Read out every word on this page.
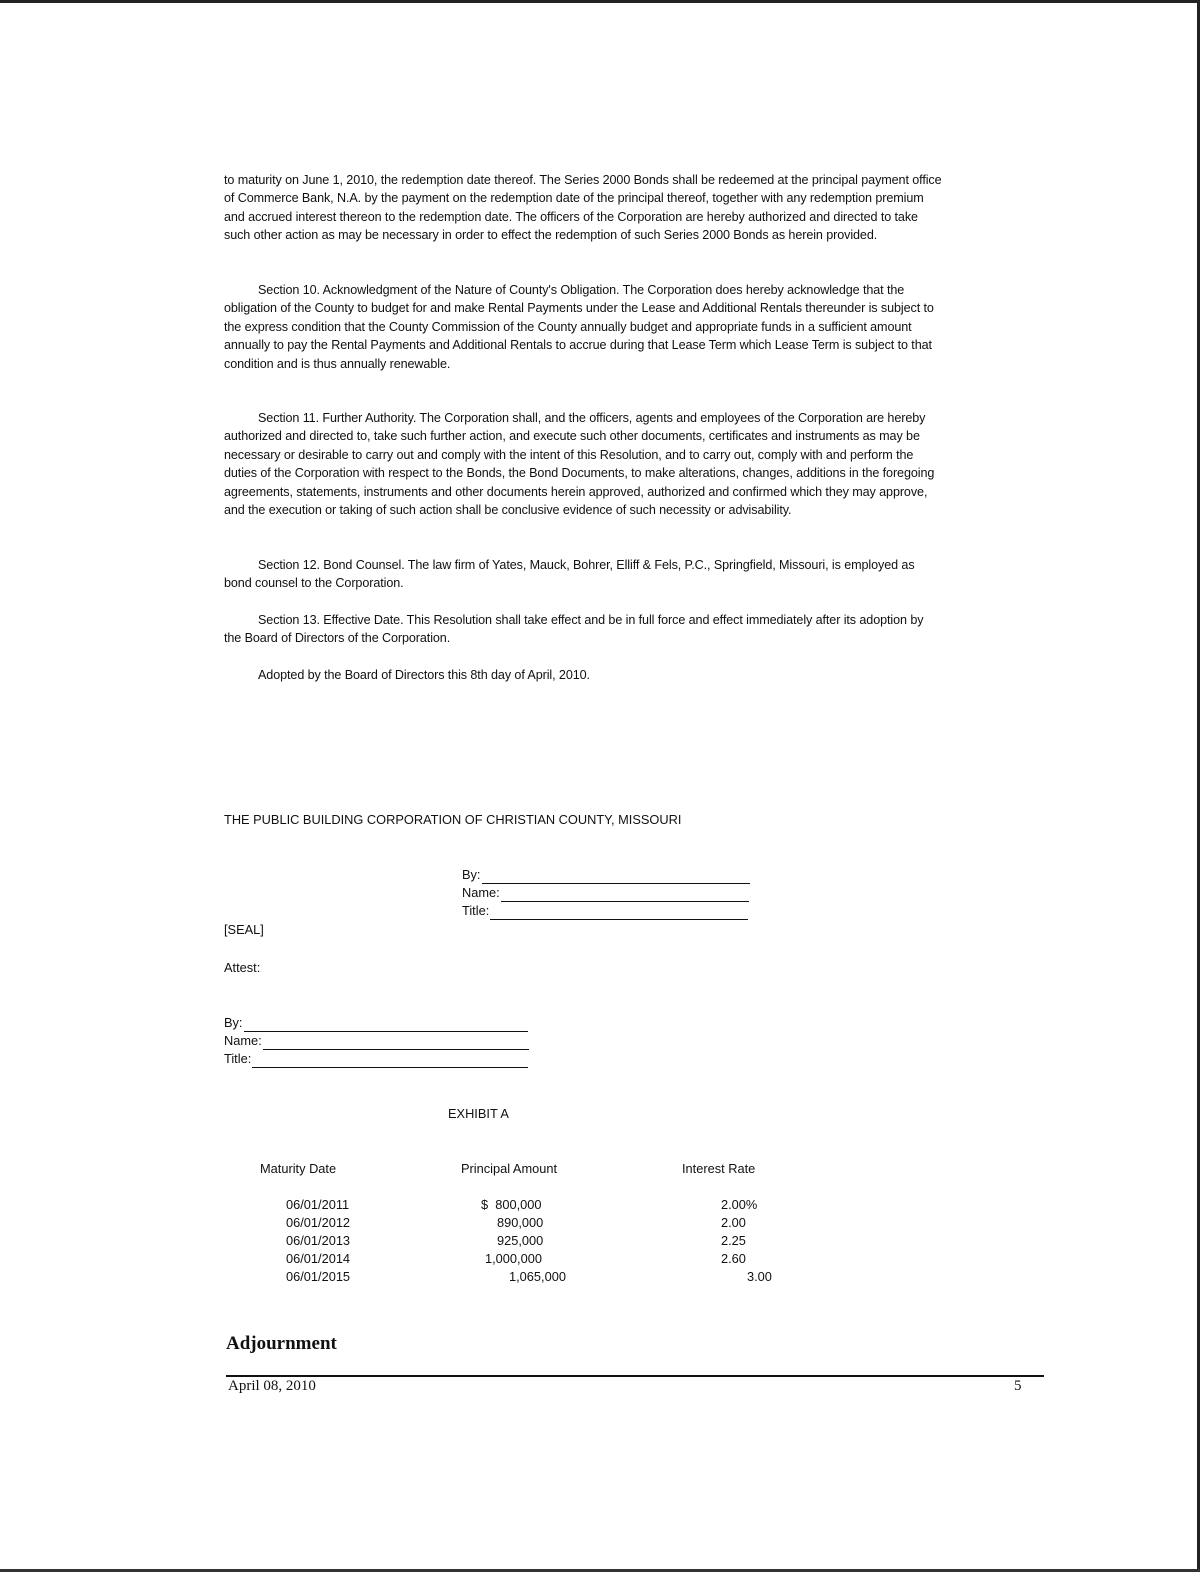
to maturity on June 1, 2010, the redemption date thereof. The Series 2000 Bonds shall be redeemed at the principal payment office of Commerce Bank, N.A. by the payment on the redemption date of the principal thereof, together with any redemption premium and accrued interest thereon to the redemption date. The officers of the Corporation are hereby authorized and directed to take such other action as may be necessary in order to effect the redemption of such Series 2000 Bonds as herein provided.

Section 10. Acknowledgment of the Nature of County's Obligation. The Corporation does hereby acknowledge that the obligation of the County to budget for and make Rental Payments under the Lease and Additional Rentals thereunder is subject to the express condition that the County Commission of the County annually budget and appropriate funds in a sufficient amount annually to pay the Rental Payments and Additional Rentals to accrue during that Lease Term which Lease Term is subject to that condition and is thus annually renewable.

Section 11. Further Authority. The Corporation shall, and the officers, agents and employees of the Corporation are hereby authorized and directed to, take such further action, and execute such other documents, certificates and instruments as may be necessary or desirable to carry out and comply with the intent of this Resolution, and to carry out, comply with and perform the duties of the Corporation with respect to the Bonds, the Bond Documents, to make alterations, changes, additions in the foregoing agreements, statements, instruments and other documents herein approved, authorized and confirmed which they may approve, and the execution or taking of such action shall be conclusive evidence of such necessity or advisability.

Section 12. Bond Counsel. The law firm of Yates, Mauck, Bohrer, Elliff & Fels, P.C., Springfield, Missouri, is employed as bond counsel to the Corporation.

Section 13. Effective Date. This Resolution shall take effect and be in full force and effect immediately after its adoption by the Board of Directors of the Corporation.

Adopted by the Board of Directors this 8th day of April, 2010.

THE PUBLIC BUILDING CORPORATION OF CHRISTIAN COUNTY, MISSOURI
By:
Name:
Title:
[SEAL]
Attest:
By:
Name:
Title:
EXHIBIT A
Maturity Date	Principal Amount	Interest Rate
06/01/2011	$  800,000	2.00%
06/01/2012	890,000	2.00
06/01/2013	925,000	2.25
06/01/2014	1,000,000	2.60
06/01/2015	1,065,000	3.00
Adjournment
April 08, 2010	5
